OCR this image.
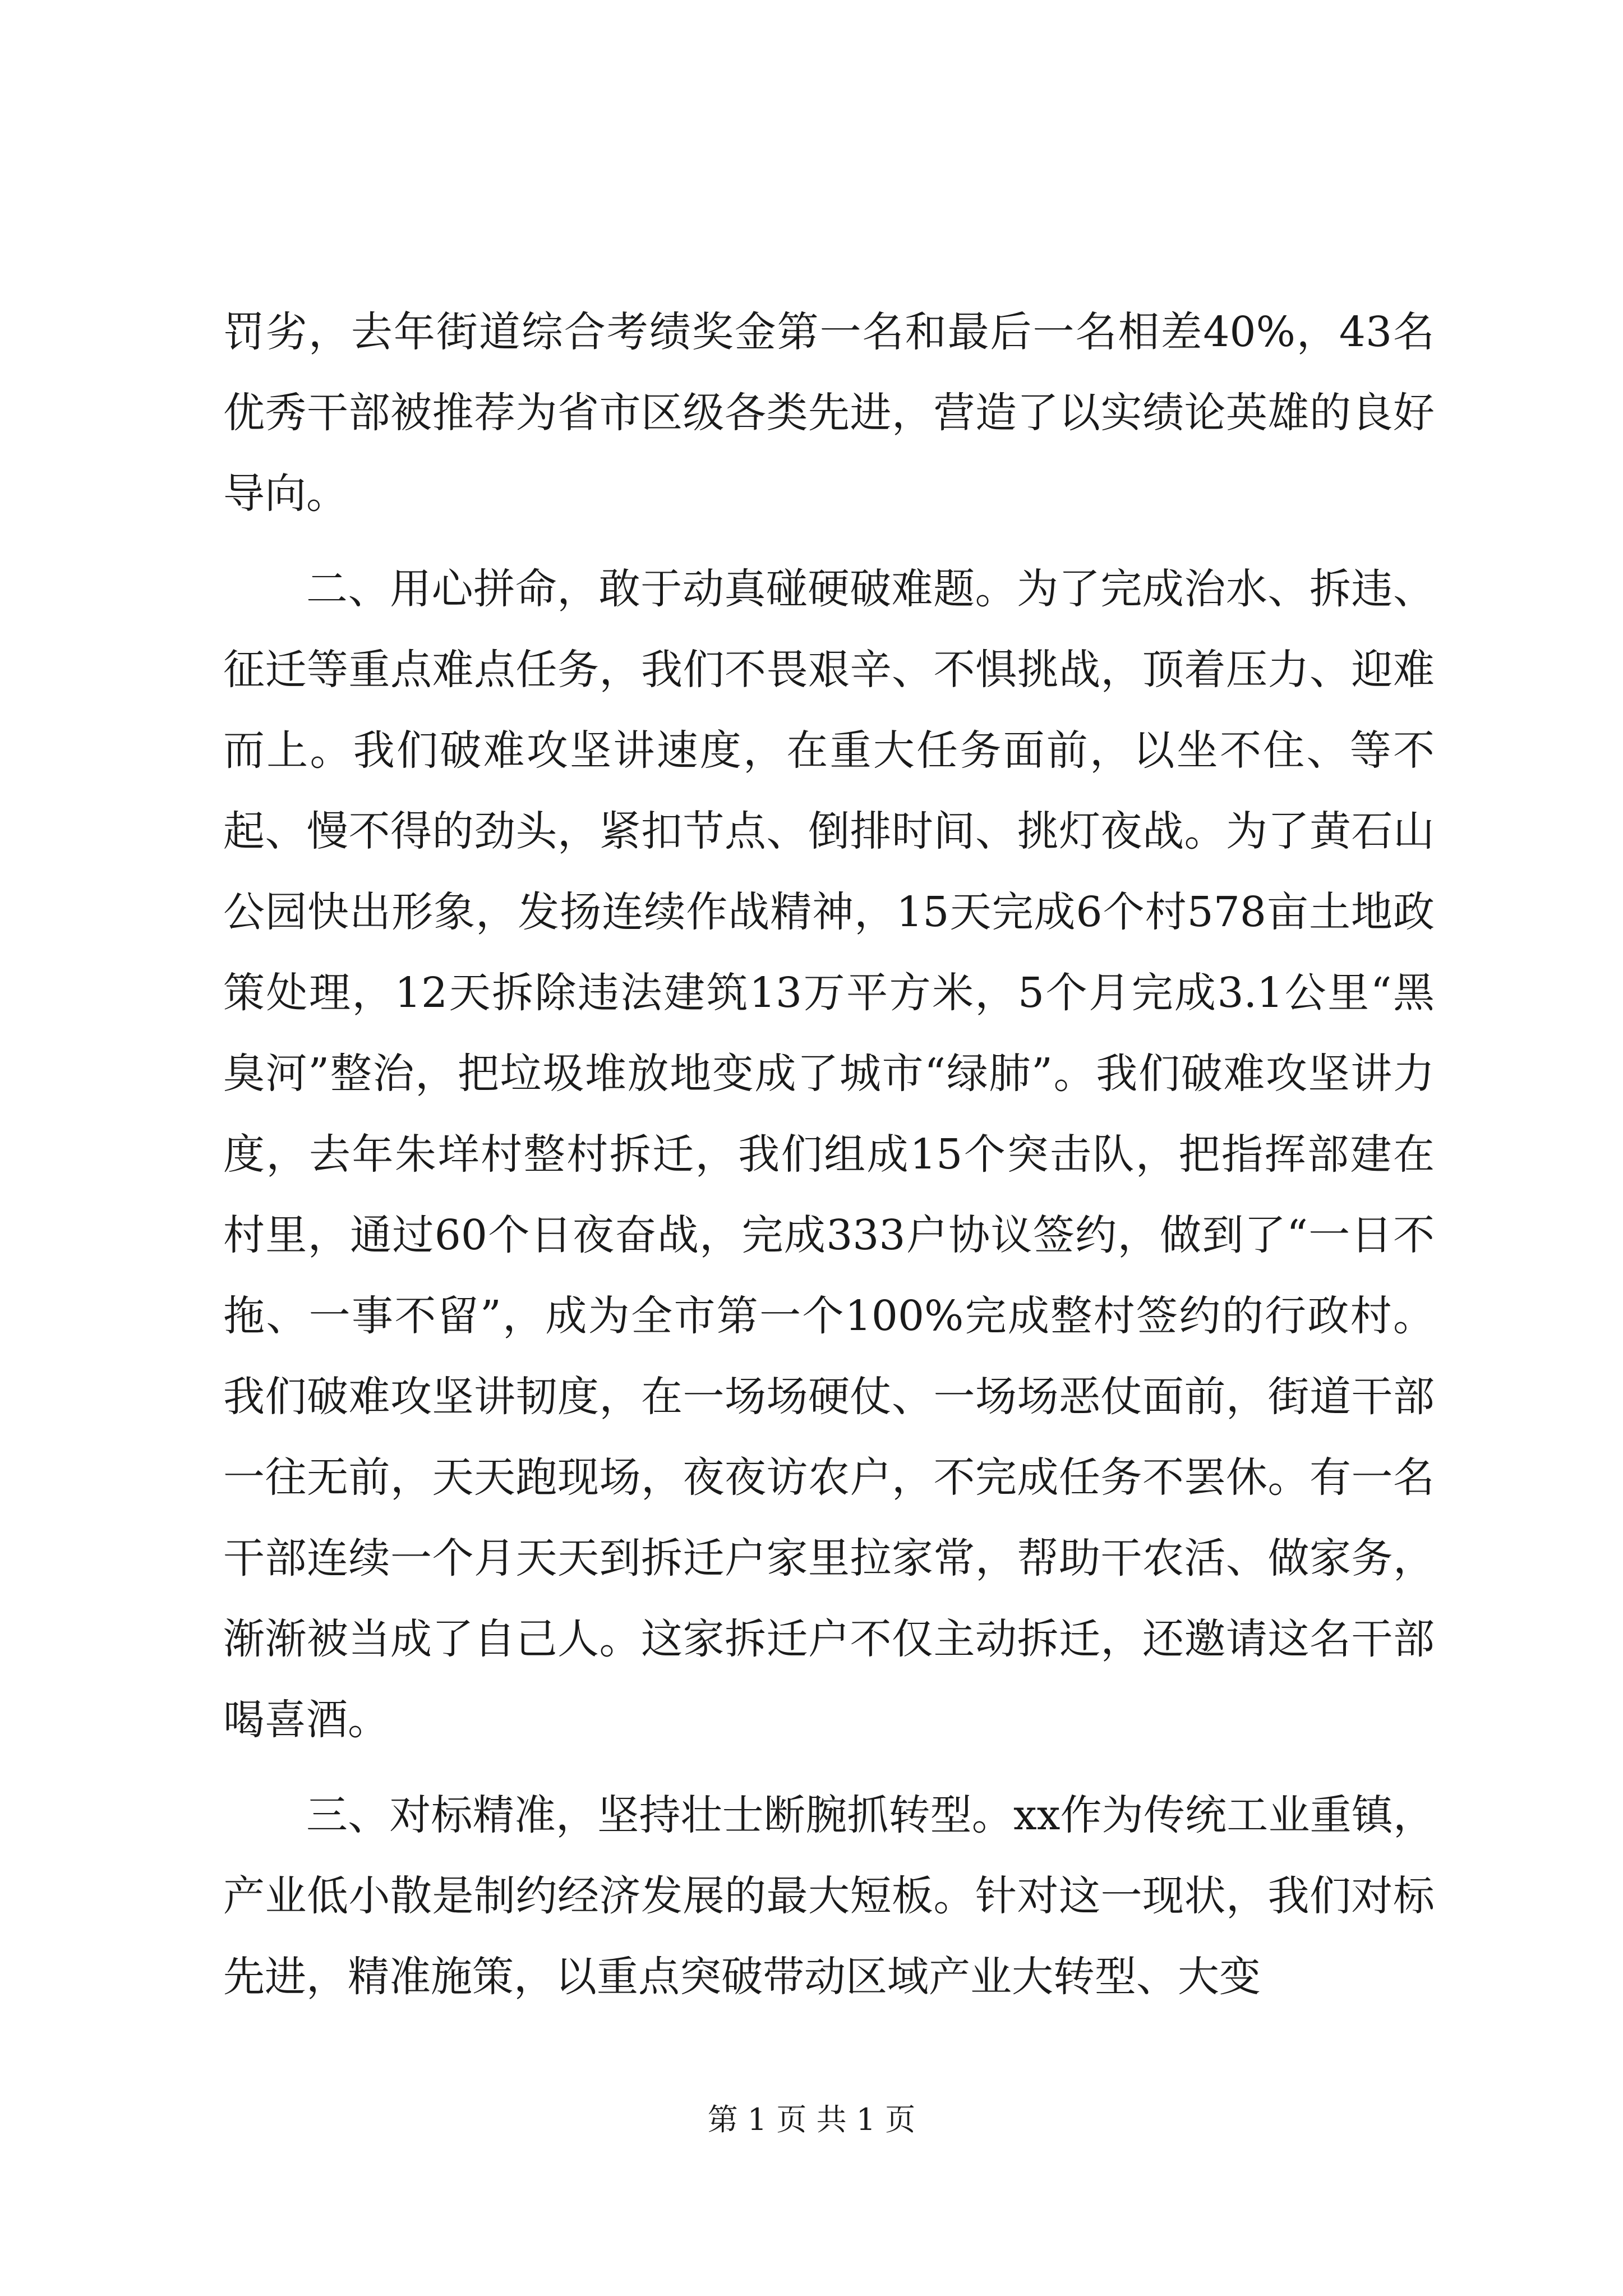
罚劣，去年街道综合考绩奖金第一名和最后一名相差40%，43名优秀干部被推荐为省市区级各类先进，营造了以实绩论英雄的良好导向。

二、用心拼命，敢于动真碰硬破难题。为了完成治水、拆违、征迁等重点难点任务，我们不畏艰辛、不惧挑战，顶着压力、迎难而上。我们破难攻坚讲速度，在重大任务面前，以坐不住、等不起、慢不得的劲头，紧扣节点、倒排时间、挑灯夜战。为了黄石山公园快出形象，发扬连续作战精神，15天完成6个村578亩土地政策处理，12天拆除违法建筑13万平方米，5个月完成3.1公里“黑臭河”整治，把垃圾堆放地变成了城市“绿肺”。我们破难攻坚讲力度，去年朱垟村整村拆迁，我们组成15个突击队，把指挥部建在村里，通过60个日夜奋战，完成333户协议签约，做到了“一日不拖、一事不留”，成为全市第一个100%完成整村签约的行政村。我们破难攻坚讲韧度，在一场场硬仗、一场场恶仗面前，街道干部一往无前，天天跑现场，夜夜访农户，不完成任务不罢休。有一名干部连续一个月天天到拆迁户家里拉家常，帮助干农活、做家务，渐渐被当成了自己人。这家拆迁户不仅主动拆迁，还邀请这名干部喝喜酒。

三、对标精准，坚持壮士断腕抓转型。xx作为传统工业重镇，产业低小散是制约经济发展的最大短板。针对这一现状，我们对标先进，精准施策，以重点突破带动区域产业大转型、大变

第 1 页 共 1 页
